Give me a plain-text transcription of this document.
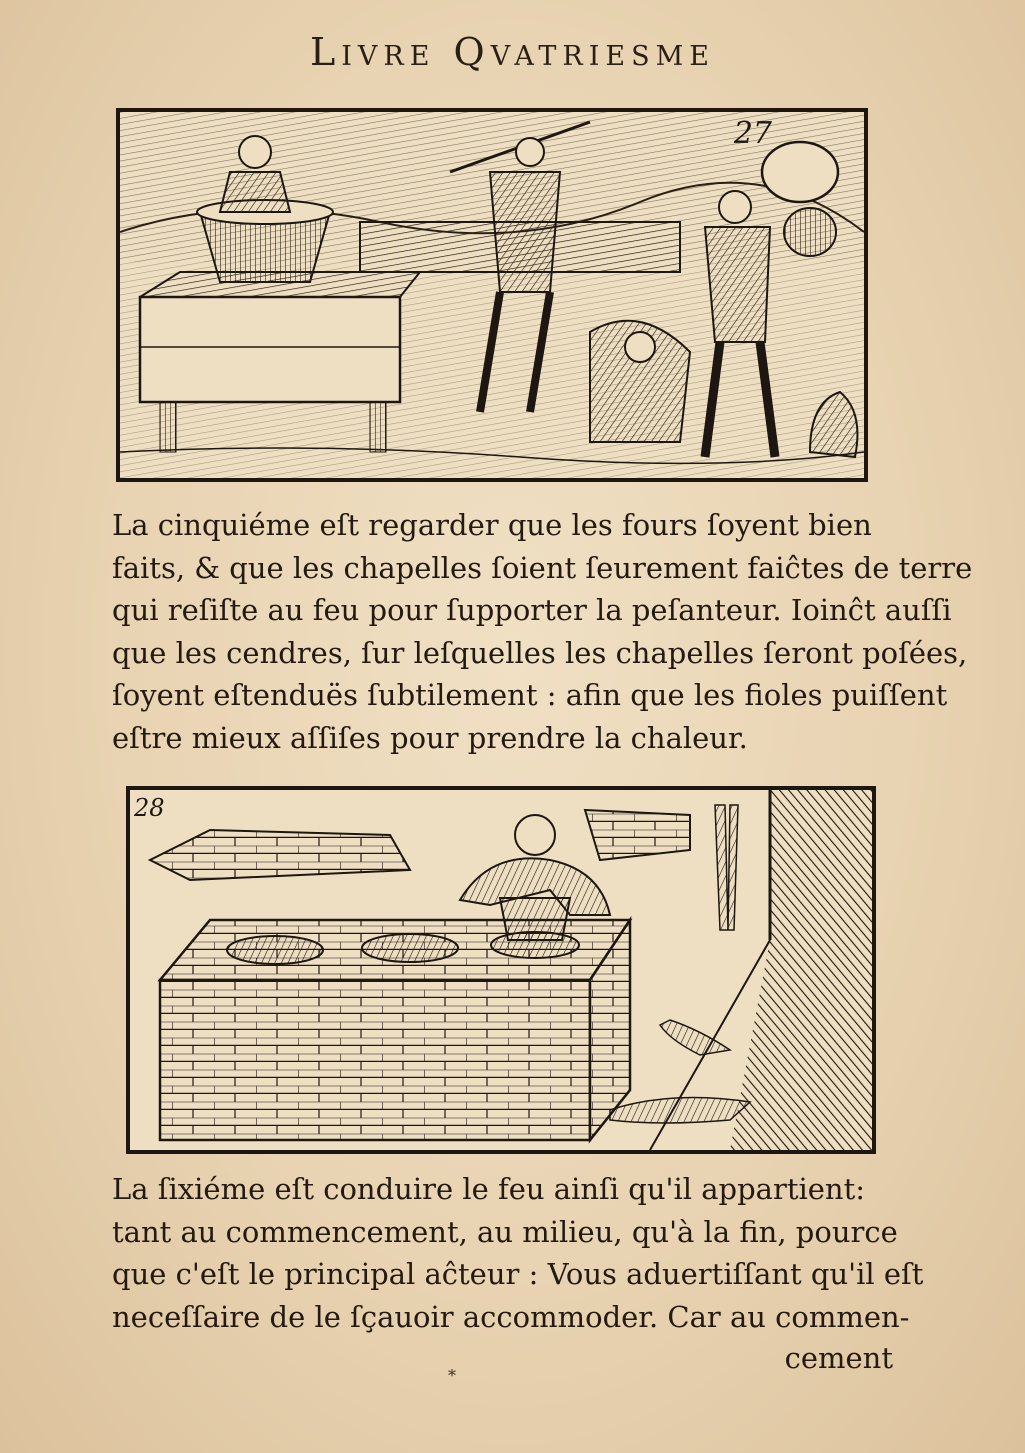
Livre Qvatriesme
27
La cinquiéme eſt regarder que les fours ſoyent bien
faits, & que les chapelles ſoient ſeurement faiĉtes de terre
qui reſiſte au feu pour ſupporter la peſanteur. Ioinĉt auſſi
que les cendres, ſur leſquelles les chapelles ſeront poſées,
ſoyent eſtenduës ſubtilement : afin que les fioles puiſſent
eſtre mieux aſſiſes pour prendre la chaleur.
28
La ſixiéme eſt conduire le feu ainſi qu'il appartient:
tant au commencement, au milieu, qu'à la fin, pource
que c'eſt le principal aĉteur : Vous aduertiſſant qu'il eſt
neceſſaire de le ſçauoir accommoder. Car au commen-
cement
*
